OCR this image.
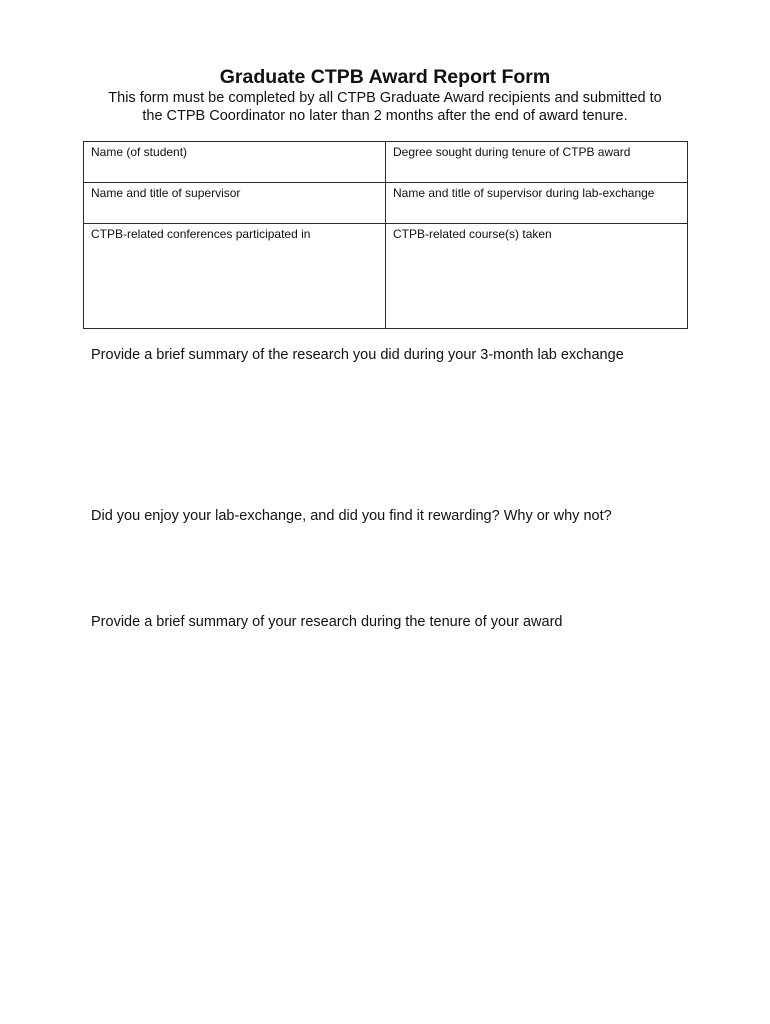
Graduate CTPB Award Report Form
This form must be completed by all CTPB Graduate Award recipients and submitted to
the CTPB Coordinator no later than 2 months after the end of award tenure.
Name (of student)	Degree sought during tenure of CTPB award
Name and title of supervisor	Name and title of supervisor during lab-exchange
CTPB-related conferences participated in	CTPB-related course(s) taken
Provide a brief summary of the research you did during your 3-month lab exchange
Did you enjoy your lab-exchange, and did you find it rewarding? Why or why not?
Provide a brief summary of your research during the tenure of your award
